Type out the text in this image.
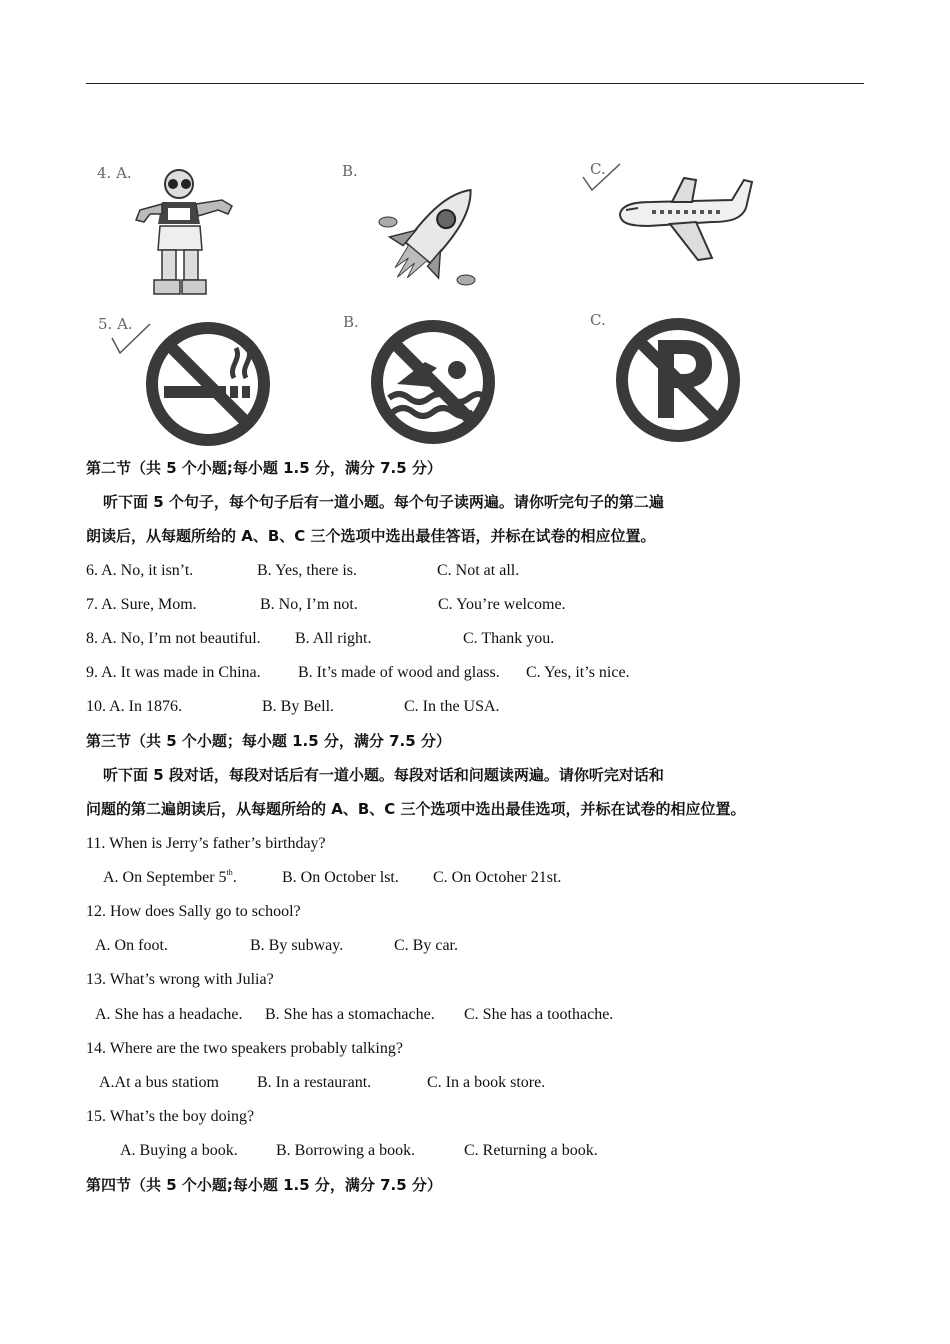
4. A.	B.	C.
5. A.	B.	C.
第二节（共 5 个小题;每小题 1.5 分，满分 7.5 分）
听下面 5 个句子，每个句子后有一道小题。每个句子读两遍。请你听完句子的第二遍
朗读后，从每题所给的 A、B、C 三个选项中选出最佳答语，并标在试卷的相应位置。
6. A. No, it isn’t.	B. Yes, there is.	C. Not at all.
7. A. Sure, Mom.	B. No, I’m not.	C. You’re welcome.
8. A. No, I’m not beautiful. B. All right.	C. Thank you.
9. A. It was made in China. B. It’s made of wood and glass. C. Yes, it’s nice.
10. A. In 1876.	B. By Bell.	C. In the USA.
第三节（共 5 个小题；每小题 1.5 分，满分 7.5 分）
听下面 5 段对话，每段对话后有一道小题。每段对话和问题读两遍。请你听完对话和
问题的第二遍朗读后，从每题所给的 A、B、C 三个选项中选出最佳选项，并标在试卷的相应位置。
11. When is Jerry’s father’s birthday?
A. On September 5th.	B. On October lst. C. On Octoher 21st.
12. How does Sally go to school?
A. On foot.	B. By subway.	C. By car.
13. What’s wrong with Julia?
A. She has a headache. B. She has a stomachache. C. She has a toothache.
14. Where are the two speakers probably talking?
A.At a bus statiom B. In a restaurant.	C. In a book store.
15. What’s the boy doing?
A. Buying a book. B. Borrowing a book.	C. Returning a book.
第四节（共 5 个小题;每小题 1.5 分，满分 7.5 分）
